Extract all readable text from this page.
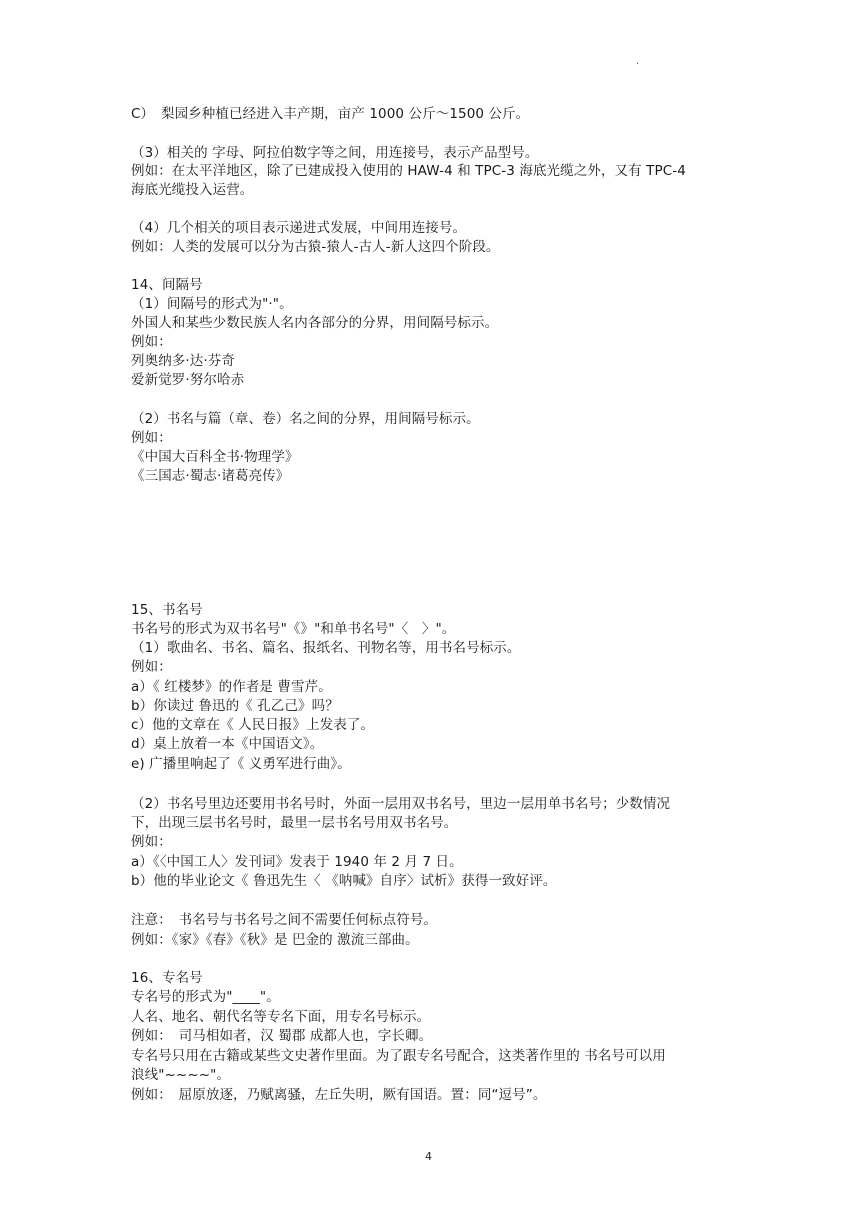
.
C）　梨园乡种植已经进入丰产期，亩产 1000 公斤～1500 公斤。
（3）相关的 字母、阿拉伯数字等之间，用连接号，表示产品型号。
例如：在太平洋地区，除了已建成投入使用的 HAW-4 和 TPC-3 海底光缆之外，又有 TPC-4
海底光缆投入运营。
（4）几个相关的项目表示递进式发展，中间用连接号。
例如：人类的发展可以分为古猿-猿人-古人-新人这四个阶段。
14、间隔号
（1）间隔号的形式为"·"。
外国人和某些少数民族人名内各部分的分界，用间隔号标示。
例如：
列奥纳多·达·芬奇
爱新觉罗·努尔哈赤
（2）书名与篇（章、卷）名之间的分界，用间隔号标示。
例如：
《中国大百科全书·物理学》
《三国志·蜀志·诸葛亮传》
15、书名号
书名号的形式为双书名号"《》"和单书名号"〈　〉"。
（1）歌曲名、书名、篇名、报纸名、刊物名等，用书名号标示。
例如：
a）《 红楼梦》的作者是 曹雪芹。
b）你读过 鲁迅的《 孔乙己》吗？
c）他的文章在《 人民日报》上发表了。
d）桌上放着一本《中国语文》。
e) 广播里响起了《 义勇军进行曲》。
（2）书名号里边还要用书名号时，外面一层用双书名号，里边一层用单书名号；少数情况
下，出现三层书名号时，最里一层书名号用双书名号。
例如：
a）《〈中国工人〉发刊词》发表于 1940 年 2 月 7 日。
b）他的毕业论文《 鲁迅先生〈 《呐喊》自序〉试析》获得一致好评。
注意：　书名号与书名号之间不需要任何标点符号。
例如：《家》《春》《秋》是 巴金的 激流三部曲。
16、专名号
专名号的形式为"____"。
人名、地名、朝代名等专名下面，用专名号标示。
例如：　司马相如者，汉 蜀郡 成都人也，字长卿。
专名号只用在古籍或某些文史著作里面。为了跟专名号配合，这类著作里的 书名号可以用
浪线"~~~~"。
例如：　屈原放逐，乃赋离骚，左丘失明，厥有国语。置：同“逗号”。
4
